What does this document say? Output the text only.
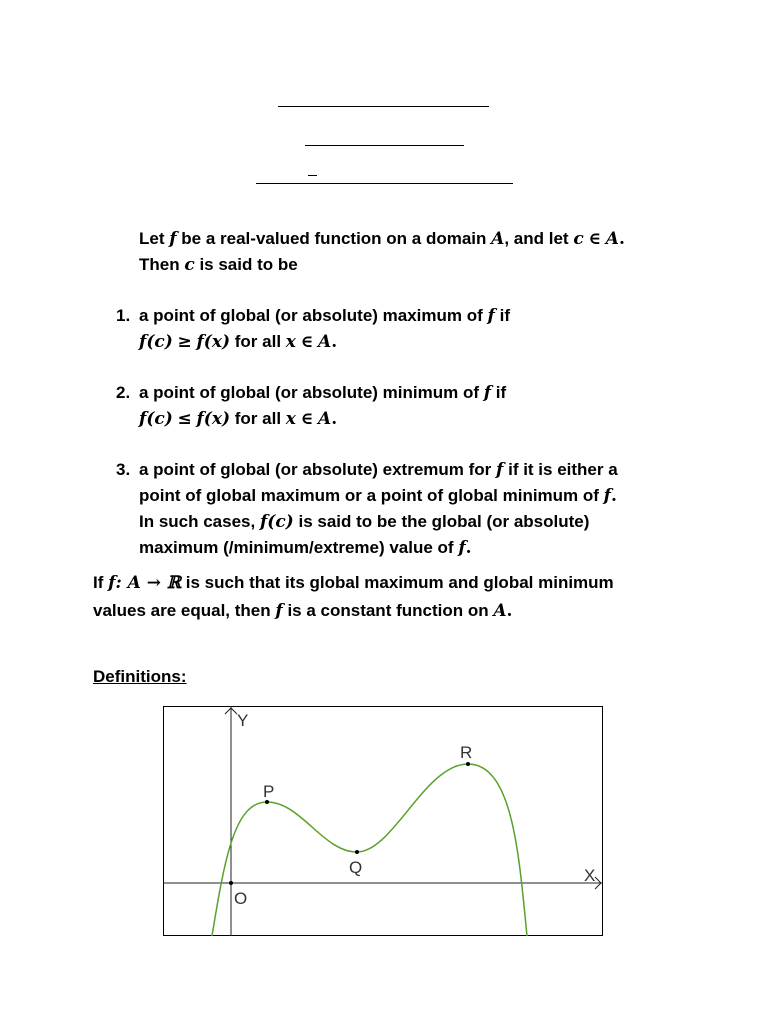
Let f be a real-valued function on a domain A, and let c ∈ A.
Then c is said to be
1. a point of global (or absolute) maximum of f if
f(c) ≥ f(x) for all x ∈ A.
2. a point of global (or absolute) minimum of f if
f(c) ≤ f(x) for all x ∈ A.
3. a point of global (or absolute) extremum for f if it is either a
point of global maximum or a point of global minimum of f.
In such cases, f(c) is said to be the global (or absolute)
maximum (/minimum/extreme) value of f.
If f: A → ℝ is such that its global maximum and global minimum
values are equal, then f is a constant function on A.
Definitions:
Y
X
O
P
Q
R
